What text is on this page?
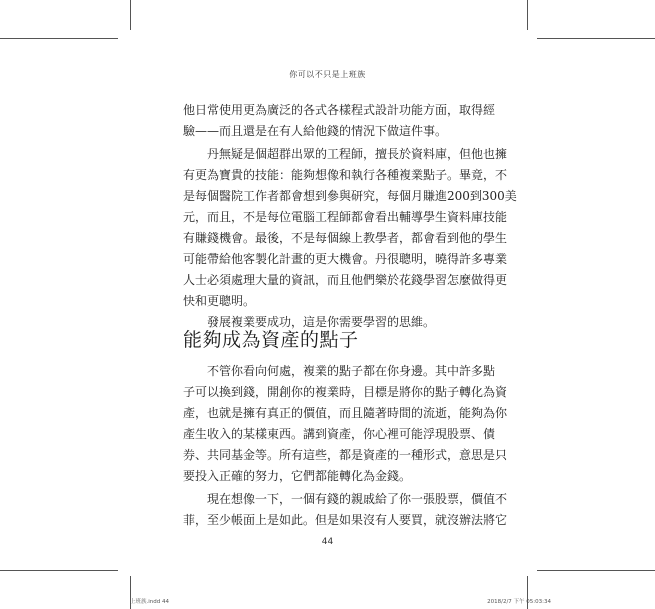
你可以不只是上班族
他日常使用更為廣泛的各式各樣程式設計功能方面，取得經
驗——而且還是在有人給他錢的情況下做這件事。
丹無疑是個超群出眾的工程師，擅長於資料庫，但他也擁
有更為寶貴的技能：能夠想像和執行各種複業點子。畢竟，不
是每個醫院工作者都會想到參與研究，每個月賺進200到300美
元，而且，不是每位電腦工程師都會看出輔導學生資料庫技能
有賺錢機會。最後，不是每個線上教學者，都會看到他的學生
可能帶給他客製化計畫的更大機會。丹很聰明，曉得許多專業
人士必須處理大量的資訊，而且他們樂於花錢學習怎麼做得更
快和更聰明。
發展複業要成功，這是你需要學習的思維。
能夠成為資產的點子
不管你看向何處，複業的點子都在你身邊。其中許多點
子可以換到錢，開創你的複業時，目標是將你的點子轉化為資
產，也就是擁有真正的價值，而且隨著時間的流逝，能夠為你
產生收入的某樣東西。講到資產，你心裡可能浮現股票、債
券、共同基金等。所有這些，都是資產的一種形式，意思是只
要投入正確的努力，它們都能轉化為金錢。
現在想像一下，一個有錢的親戚給了你一張股票，價值不
菲，至少帳面上是如此。但是如果沒有人要買，就沒辦法將它
44
上班族.indd 44	2018/2/7 下午 05:03:34
